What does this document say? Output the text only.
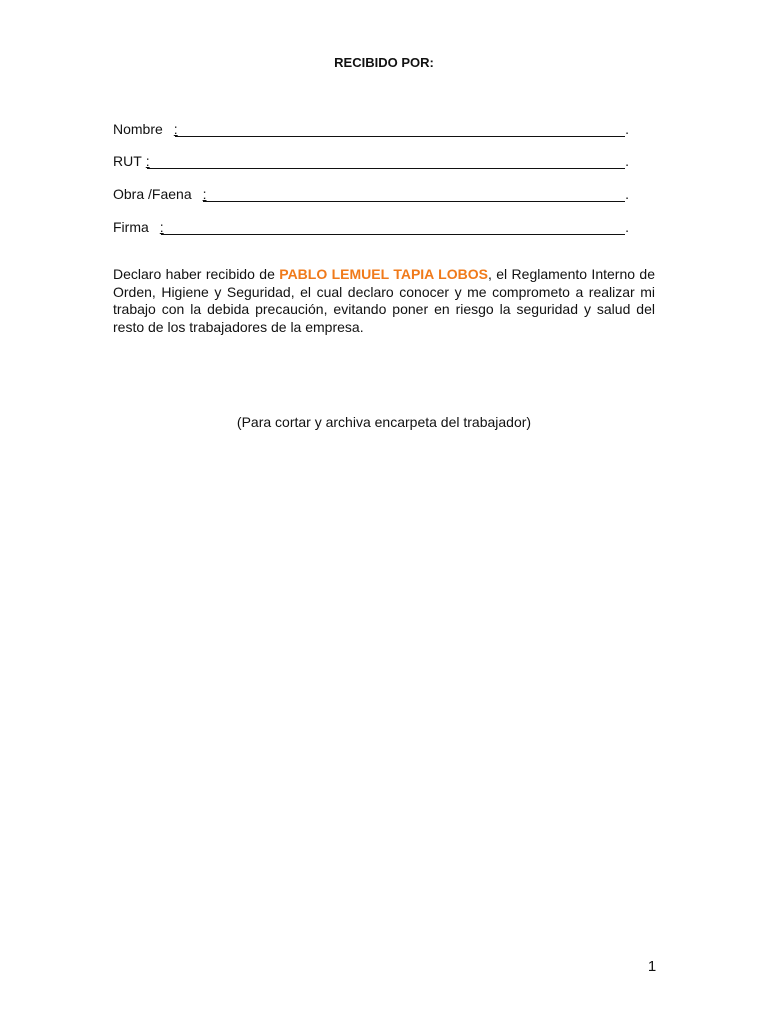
RECIBIDO POR:
Nombre :	.
RUT :	.
Obra /Faena :	.
Firma :	.
Declaro haber recibido de PABLO LEMUEL TAPIA LOBOS, el Reglamento Interno de Orden, Higiene y Seguridad, el cual declaro conocer y me comprometo a realizar mi trabajo con la debida precaución, evitando poner en riesgo la seguridad y salud del resto de los trabajadores de la empresa.
(Para cortar y archiva encarpeta del trabajador)
1
